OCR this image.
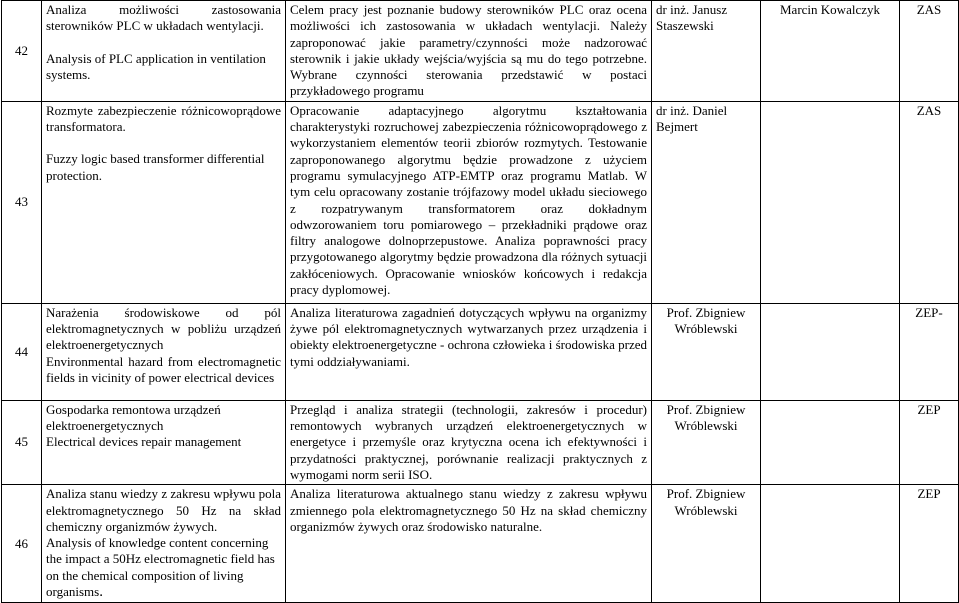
42	Analiza możliwości zastosowania sterowników PLC w układach wentylacji.

Analysis of PLC application in ventilation systems.	Celem pracy jest poznanie budowy sterowników PLC oraz ocena możliwości ich zastosowania w układach wentylacji. Należy zaproponować jakie parametry/czynności może nadzorować sterownik i jakie układy wejścia/wyjścia są mu do tego potrzebne. Wybrane czynności sterowania przedstawić w postaci przykładowego programu	dr inż. Janusz Staszewski	Marcin Kowalczyk	ZAS
43	Rozmyte zabezpieczenie różnicowoprądowe transformatora.

Fuzzy logic based transformer differential protection.	Opracowanie adaptacyjnego algorytmu kształtowania charakterystyki rozruchowej zabezpieczenia różnicowoprądowego z wykorzystaniem elementów teorii zbiorów rozmytych. Testowanie zaproponowanego algorytmu będzie prowadzone z użyciem programu symulacyjnego ATP-EMTP oraz programu Matlab. W tym celu opracowany zostanie trójfazowy model układu sieciowego z rozpatrywanym transformatorem oraz dokładnym odwzorowaniem toru pomiarowego – przekładniki prądowe oraz filtry analogowe dolnoprzepustowe. Analiza poprawności pracy przygotowanego algorytmy będzie prowadzona dla różnych sytuacji zakłóceniowych. Opracowanie wniosków końcowych i redakcja pracy dyplomowej.	dr inż. Daniel Bejmert		ZAS
44	Narażenia środowiskowe od pól elektromagnetycznych w pobliżu urządzeń elektroenergetycznych

Environmental hazard from electromagnetic fields in vicinity of power electrical devices	Analiza literaturowa zagadnień dotyczących wpływu na organizmy żywe pól elektromagnetycznych wytwarzanych przez urządzenia i obiekty elektroenergetyczne - ochrona człowieka i środowiska przed tymi oddziaływaniami.	Prof. Zbigniew Wróblewski		ZEP-
45	Gospodarka remontowa urządzeń elektroenergetycznych

Electrical devices repair management	Przegląd i analiza strategii (technologii, zakresów i procedur) remontowych wybranych urządzeń elektroenergetycznych w energetyce i przemyśle oraz krytyczna ocena ich efektywności i przydatności praktycznej, porównanie realizacji praktycznych z wymogami norm serii ISO.	Prof. Zbigniew Wróblewski		ZEP
46	Analiza stanu wiedzy z zakresu wpływu pola elektromagnetycznego 50 Hz na skład chemiczny organizmów żywych.

Analysis of knowledge content concerning the impact a 50Hz electromagnetic field has on the chemical composition of living organisms.	Analiza literaturowa aktualnego stanu wiedzy z zakresu wpływu zmiennego pola elektromagnetycznego 50 Hz na skład chemiczny organizmów żywych oraz środowisko naturalne.	Prof. Zbigniew Wróblewski		ZEP
